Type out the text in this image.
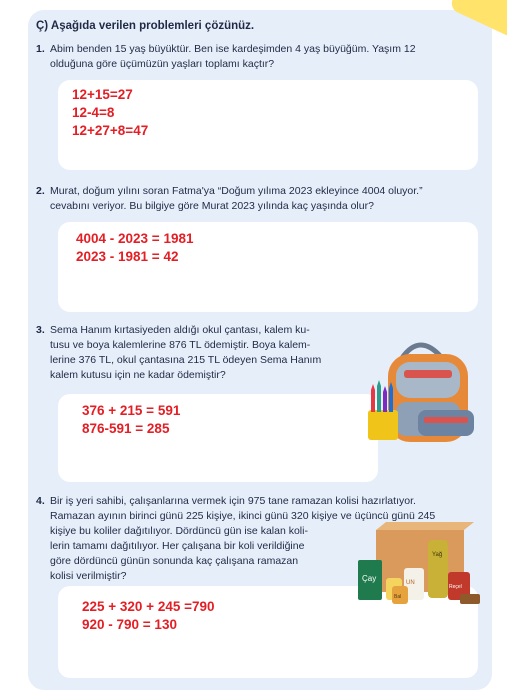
Ç) Aşağıda verilen problemleri çözünüz.
1. Abim benden 15 yaş büyüktür. Ben ise kardeşimden 4 yaş büyüğüm. Yaşım 12
olduğuna göre üçümüzün yaşları toplamı kaçtır?
12+15=27
12-4=8
12+27+8=47
2. Murat, doğum yılını soran Fatma'ya “Doğum yılıma 2023 ekleyince 4004 oluyor.”
cevabını veriyor. Bu bilgiye göre Murat 2023 yılında kaç yaşında olur?
4004 - 2023 = 1981
2023 - 1981 = 42
3. Sema Hanım kırtasiyeden aldığı okul çantası, kalem ku-
tusu ve boya kalemlerine 876 TL ödemiştir. Boya kalem-
lerine 376 TL, okul çantasına 215 TL ödeyen Sema Hanım
kalem kutusu için ne kadar ödemiştir?
376 + 215 = 591
876-591 = 285
4. Bir iş yeri sahibi, çalışanlarına vermek için 975 tane ramazan kolisi hazırlatıyor.
Ramazan ayının birinci günü 225 kişiye, ikinci günü 320 kişiye ve üçüncü günü 245
kişiye bu koliler dağıtılıyor. Dördüncü gün ise kalan koli-
lerin tamamı dağıtılıyor. Her çalışana bir koli verildiğine
göre dördüncü günün sonunda kaç çalışana ramazan
kolisi verilmiştir?
225 + 320 + 245 =790
920 - 790 = 130
Çay	UN
Bal
Yağ
Reçel
